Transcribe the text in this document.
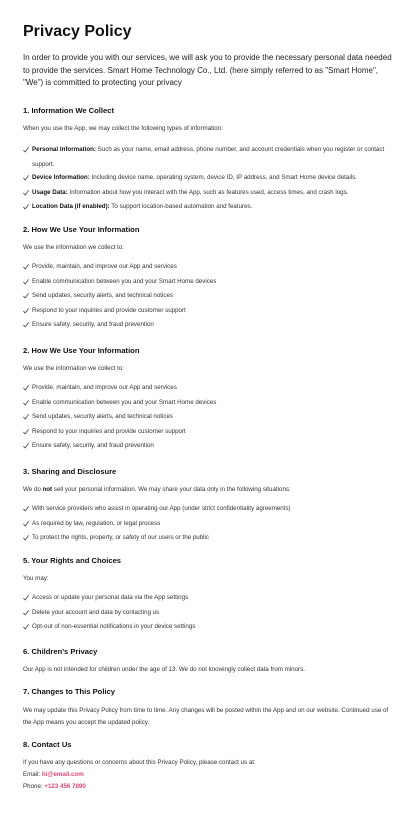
Privacy Policy
In order to provide you with our services, we will ask you to provide the necessary personal data needed to provide the services. Smart Home Technology Co., Ltd. (here simply referred to as "Smart Home", "We") is committed to protecting your privacy
1. Information We Collect
When you use the App, we may collect the following types of information:
Personal Information: Such as your name, email address, phone number, and account credentials when you register or contact support.
Device Information: Including device name, operating system, device ID, IP address, and Smart Home device details.
Usage Data: Information about how you interact with the App, such as features used, access times, and crash logs.
Location Data (if enabled): To support location-based automation and features.
2. How We Use Your Information
We use the information we collect to:
Provide, maintain, and improve our App and services
Enable communication between you and your Smart Home devices
Send updates, security alerts, and technical notices
Respond to your inquiries and provide customer support
Ensure safety, security, and fraud prevention
2. How We Use Your Information
We use the information we collect to:
Provide, maintain, and improve our App and services
Enable communication between you and your Smart Home devices
Send updates, security alerts, and technical notices
Respond to your inquiries and provide customer support
Ensure safety, security, and fraud prevention
3. Sharing and Disclosure
We do not sell your personal information. We may share your data only in the following situations:
With service providers who assist in operating our App (under strict confidentiality agreements)
As required by law, regulation, or legal process
To protect the rights, property, or safety of our users or the public
5. Your Rights and Choices
You may:
Access or update your personal data via the App settings
Delete your account and data by contacting us
Opt-out of non-essential notifications in your device settings
6. Children's Privacy
Our App is not intended for children under the age of 13. We do not knowingly collect data from minors.
7. Changes to This Policy
We may update this Privacy Policy from time to time. Any changes will be posted within the App and on our website. Continued use of the App means you accept the updated policy.
8. Contact Us
If you have any questions or concerns about this Privacy Policy, please contact us at:
Email: hi@email.com
Phone: +123 456 7890
